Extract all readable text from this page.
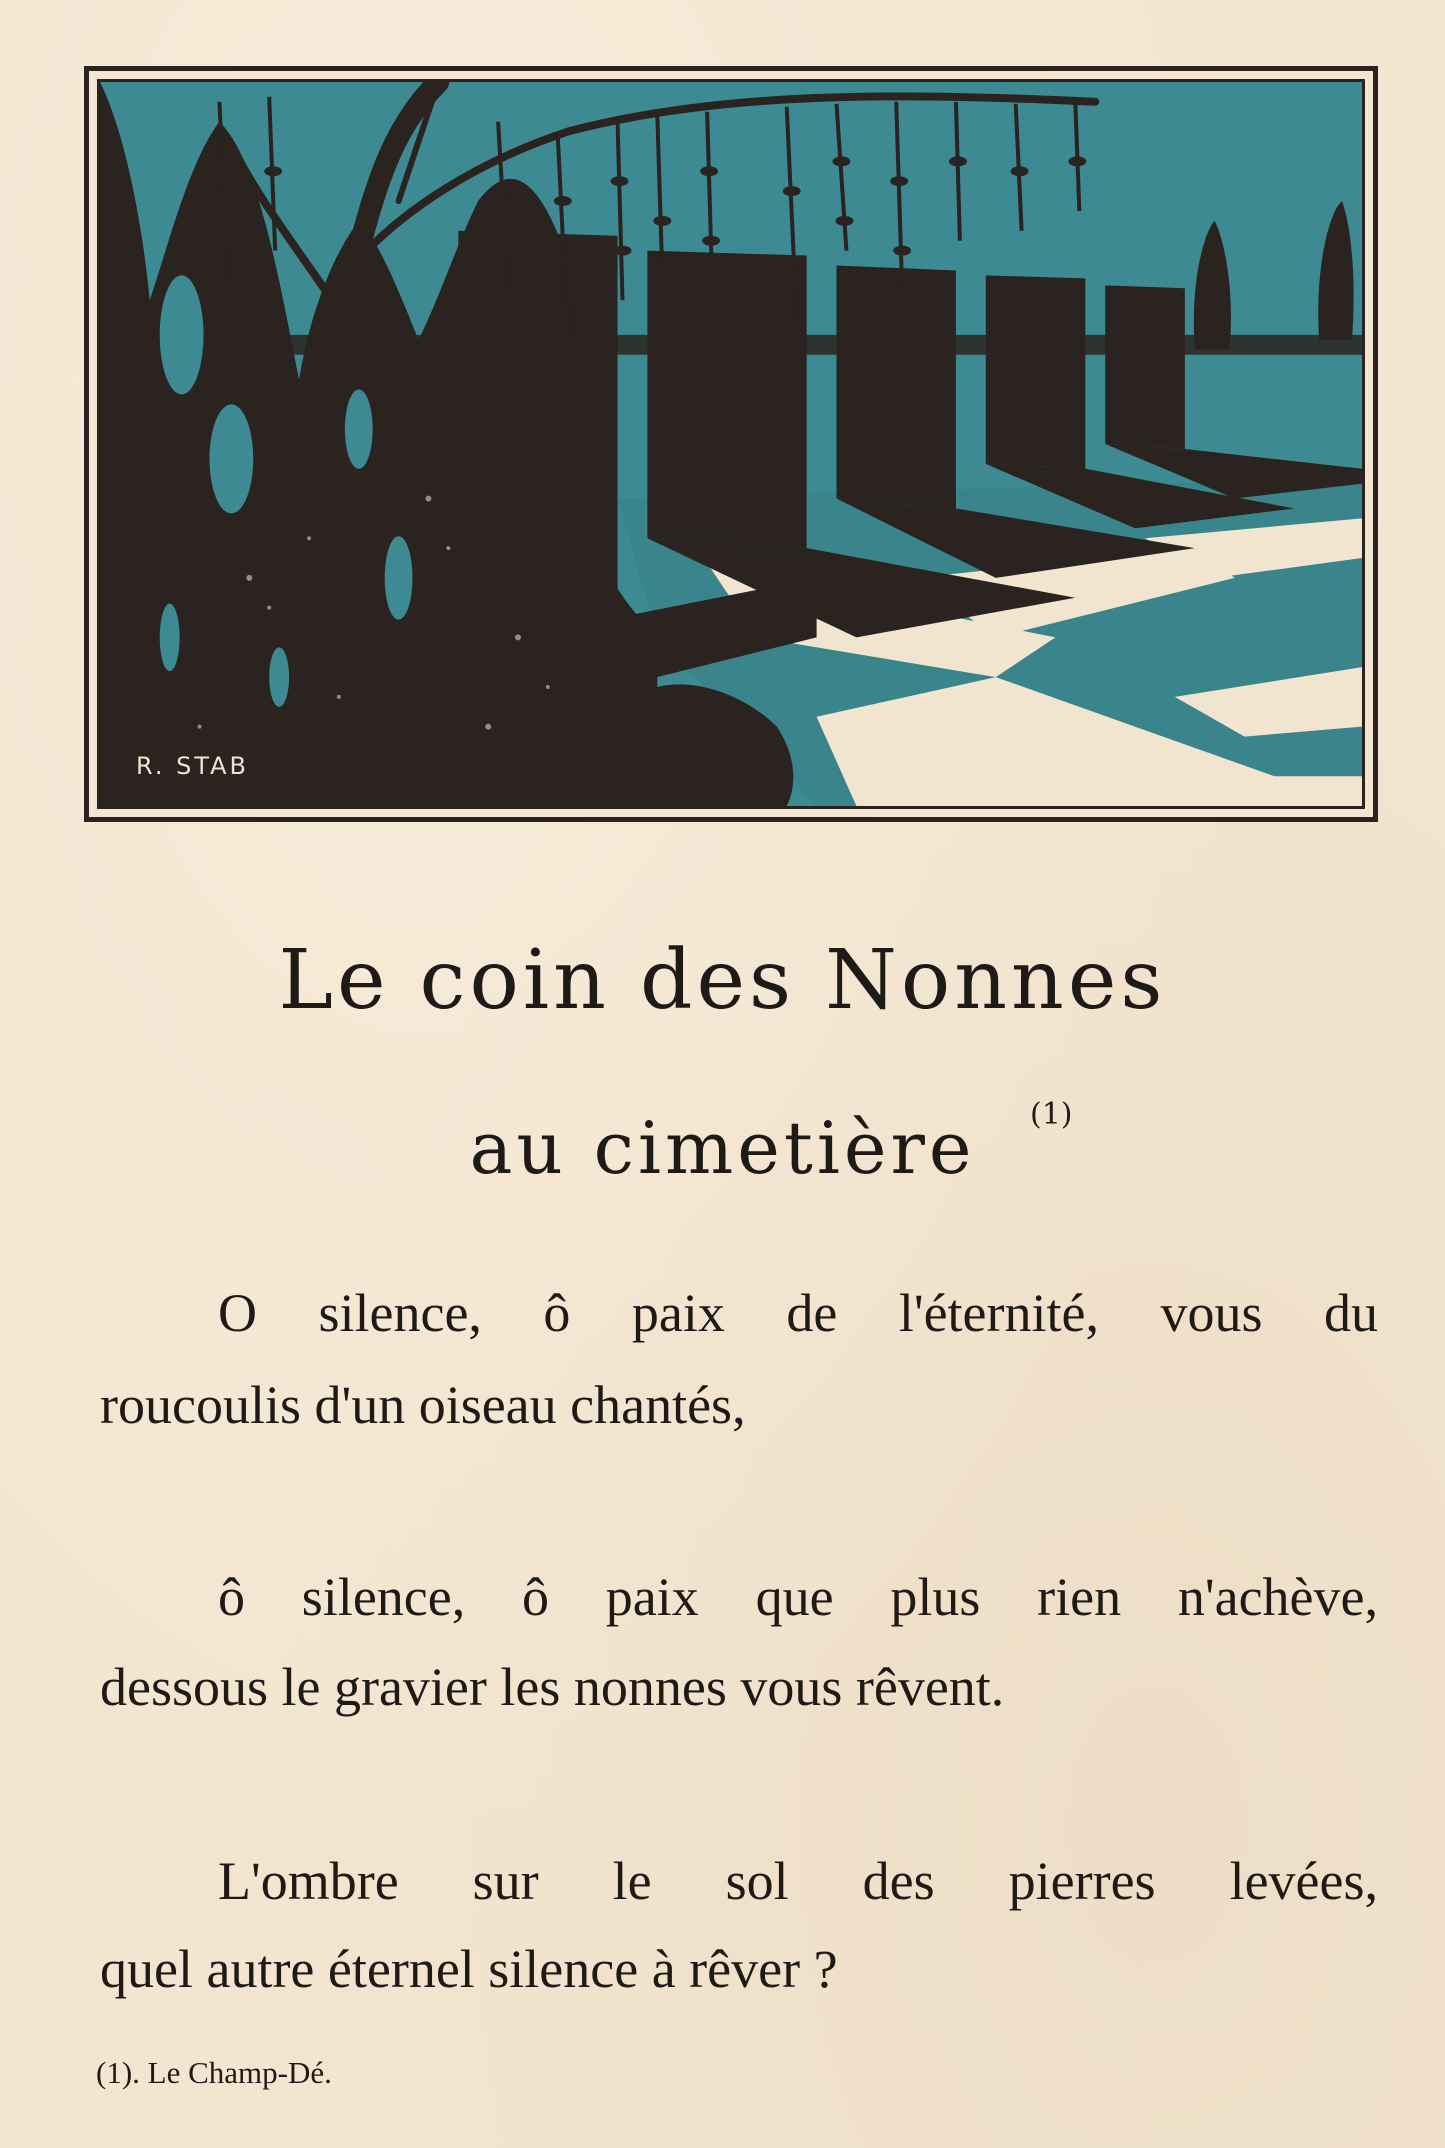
R. STAB
Le coin des Nonnes
au cimetière	(1)
O silence, ô paix de l'éternité, vous du
roucoulis d'un oiseau chantés,
ô silence, ô paix que plus rien n'achève,
dessous le gravier les nonnes vous rêvent.
L'ombre sur le sol des pierres levées,
quel autre éternel silence à rêver ?
(1). Le Champ-Dé.
